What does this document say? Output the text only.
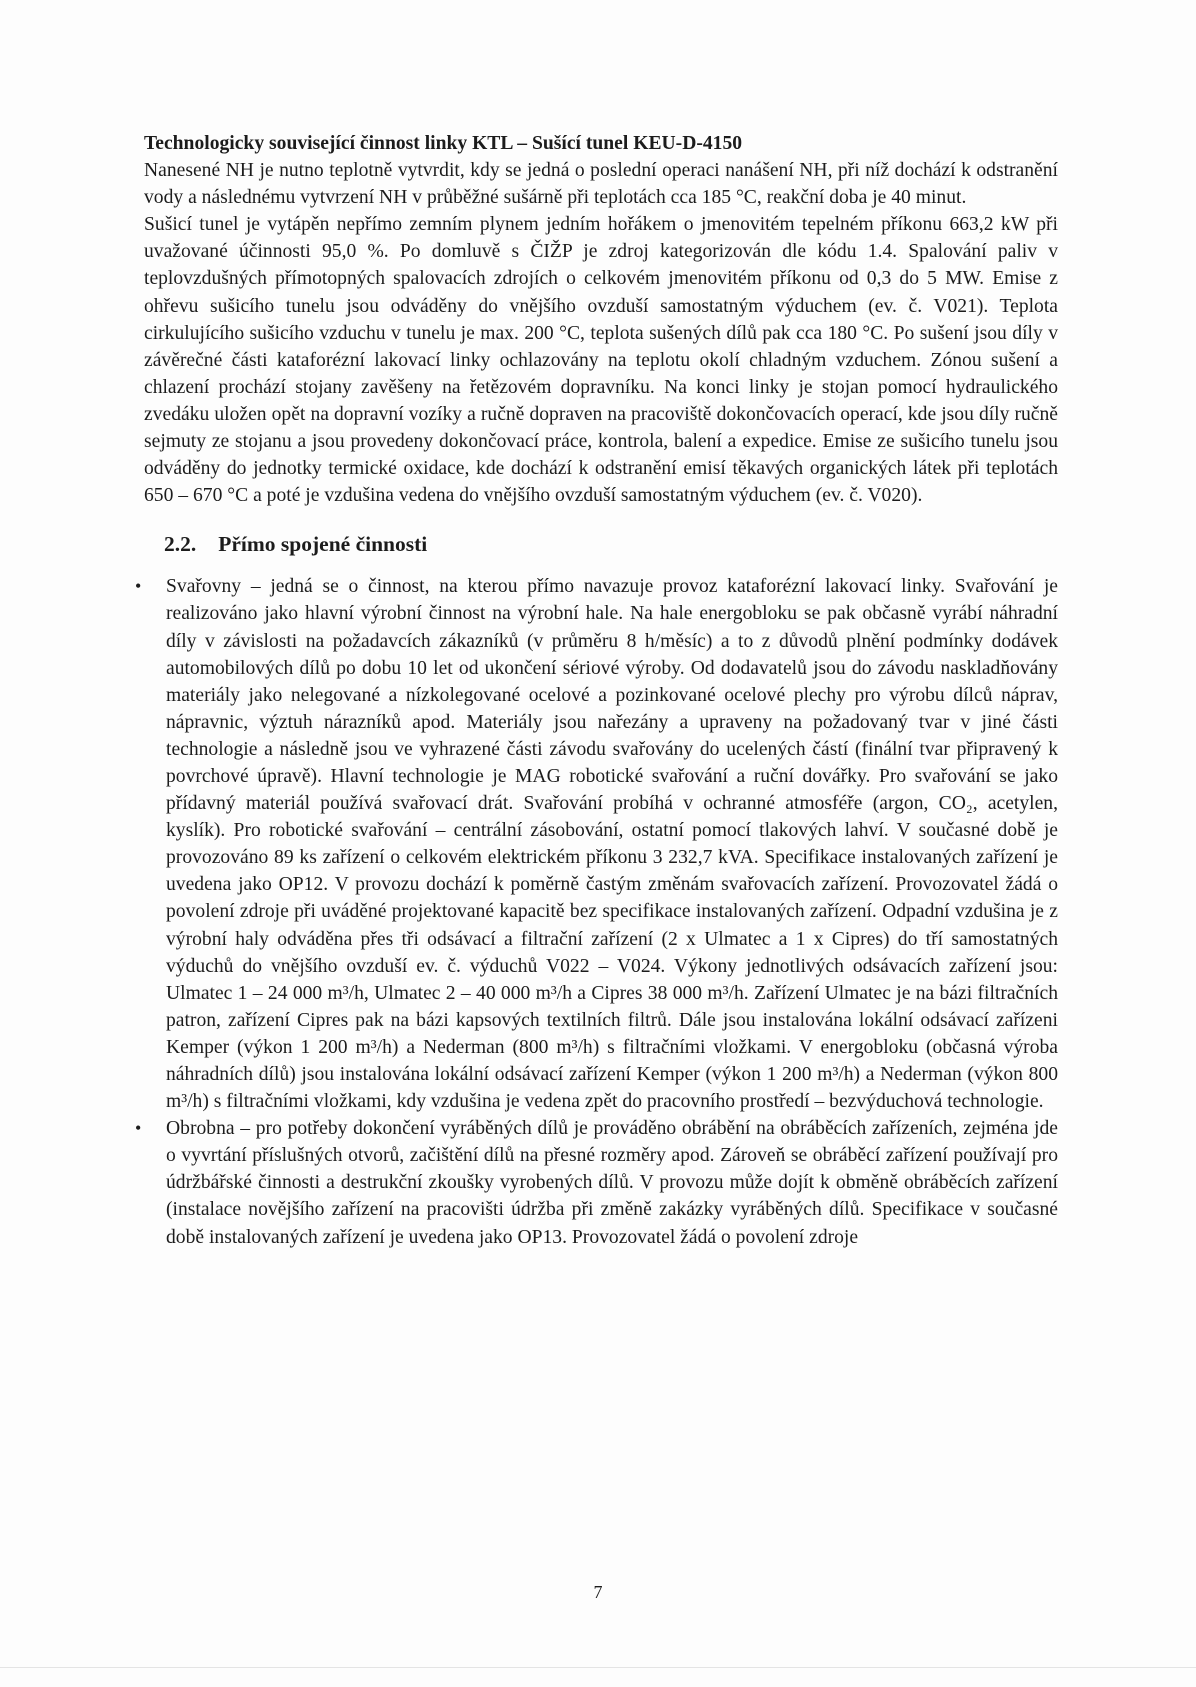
Technologicky související činnost linky KTL – Sušící tunel KEU-D-4150

Nanesené NH je nutno teplotně vytvrdit, kdy se jedná o poslední operaci nanášení NH, při níž dochází k odstranění vody a následnému vytvrzení NH v průběžné sušárně při teplotách cca 185 °C, reakční doba je 40 minut.

Sušicí tunel je vytápěn nepřímo zemním plynem jedním hořákem o jmenovitém tepelném příkonu 663,2 kW při uvažované účinnosti 95,0 %. Po domluvě s ČIŽP je zdroj kategorizován dle kódu 1.4. Spalování paliv v teplovzdušných přímotopných spalovacích zdrojích o celkovém jmenovitém příkonu od 0,3 do 5 MW. Emise z ohřevu sušicího tunelu jsou odváděny do vnějšího ovzduší samostatným výduchem (ev. č. V021). Teplota cirkulujícího sušicího vzduchu v tunelu je max. 200 °C, teplota sušených dílů pak cca 180 °C. Po sušení jsou díly v závěrečné části kataforézní lakovací linky ochlazovány na teplotu okolí chladným vzduchem. Zónou sušení a chlazení prochází stojany zavěšeny na řetězovém dopravníku. Na konci linky je stojan pomocí hydraulického zvedáku uložen opět na dopravní vozíky a ručně dopraven na pracoviště dokončovacích operací, kde jsou díly ručně sejmuty ze stojanu a jsou provedeny dokončovací práce, kontrola, balení a expedice. Emise ze sušicího tunelu jsou odváděny do jednotky termické oxidace, kde dochází k odstranění emisí těkavých organických látek při teplotách 650 – 670 °C a poté je vzdušina vedena do vnějšího ovzduší samostatným výduchem (ev. č. V020).

2.2. Přímo spojené činnosti
• Svařovny – jedná se o činnost, na kterou přímo navazuje provoz kataforézní lakovací linky. Svařování je realizováno jako hlavní výrobní činnost na výrobní hale. Na hale energobloku se pak občasně vyrábí náhradní díly v závislosti na požadavcích zákazníků (v průměru 8 h/měsíc) a to z důvodů plnění podmínky dodávek automobilových dílů po dobu 10 let od ukončení sériové výroby. Od dodavatelů jsou do závodu naskladňovány materiály jako nelegované a nízkolegované ocelové a pozinkované ocelové plechy pro výrobu dílců náprav, nápravnic, výztuh nárazníků apod. Materiály jsou nařezány a upraveny na požadovaný tvar v jiné části technologie a následně jsou ve vyhrazené části závodu svařovány do ucelených částí (finální tvar připravený k povrchové úpravě). Hlavní technologie je MAG robotické svařování a ruční dovářky. Pro svařování se jako přídavný materiál používá svařovací drát. Svařování probíhá v ochranné atmosféře (argon, CO₂, acetylen, kyslík). Pro robotické svařování – centrální zásobování, ostatní pomocí tlakových lahví. V současné době je provozováno 89 ks zařízení o celkovém elektrickém příkonu 3 232,7 kVA. Specifikace instalovaných zařízení je uvedena jako OP12. V provozu dochází k poměrně častým změnám svařovacích zařízení. Provozovatel žádá o povolení zdroje při uváděné projektované kapacitě bez specifikace instalovaných zařízení. Odpadní vzdušina je z výrobní haly odváděna přes tři odsávací a filtrační zařízení (2 x Ulmatec a 1 x Cipres) do tří samostatných výduchů do vnějšího ovzduší ev. č. výduchů V022 – V024. Výkony jednotlivých odsávacích zařízení jsou: Ulmatec 1 – 24 000 m³/h, Ulmatec 2 – 40 000 m³/h a Cipres 38 000 m³/h. Zařízení Ulmatec je na bázi filtračních patron, zařízení Cipres pak na bázi kapsových textilních filtrů. Dále jsou instalována lokální odsávací zařízeni Kemper (výkon 1 200 m³/h) a Nederman (800 m³/h) s filtračními vložkami. V energobloku (občasná výroba náhradních dílů) jsou instalována lokální odsávací zařízení Kemper (výkon 1 200 m³/h) a Nederman (výkon 800 m³/h) s filtračními vložkami, kdy vzdušina je vedena zpět do pracovního prostředí – bezvýduchová technologie.
• Obrobna – pro potřeby dokončení vyráběných dílů je prováděno obrábění na obráběcích zařízeních, zejména jde o vyvrtání příslušných otvorů, začištění dílů na přesné rozměry apod. Zároveň se obráběcí zařízení používají pro údržbářské činnosti a destrukční zkoušky vyrobených dílů. V provozu může dojít k obměně obráběcích zařízení (instalace novějšího zařízení na pracovišti údržba při změně zakázky vyráběných dílů. Specifikace v současné době instalovaných zařízení je uvedena jako OP13. Provozovatel žádá o povolení zdroje
7
